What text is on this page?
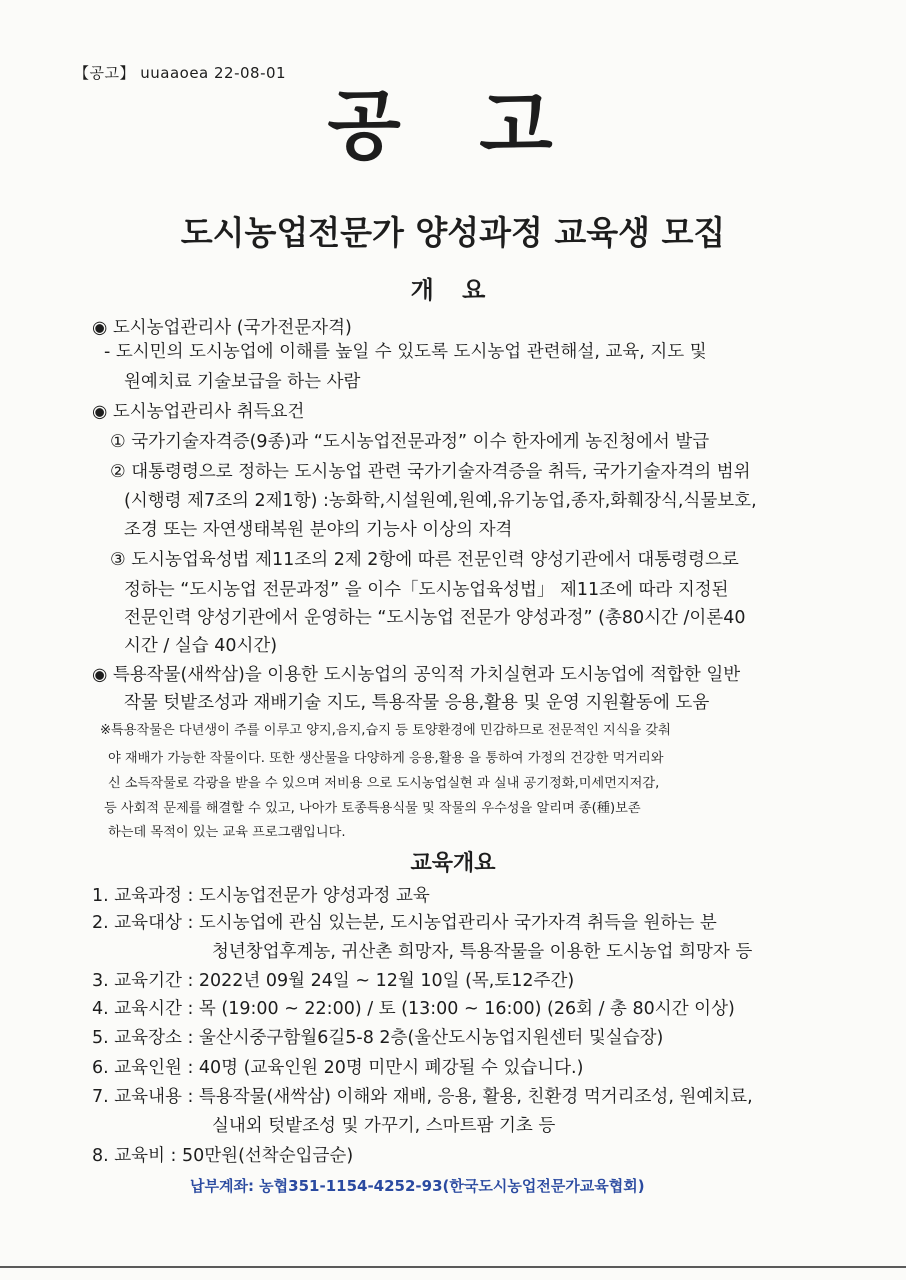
【공고】 uuaaoea 22-08-01
공 고
도시농업전문가 양성과정 교육생 모집
개 요
◉ 도시농업관리사 (국가전문자격)
- 도시민의 도시농업에 이해를 높일 수 있도록 도시농업 관련해설, 교육, 지도 및
원예치료 기술보급을 하는 사람
◉ 도시농업관리사 취득요건
① 국가기술자격증(9종)과 “도시농업전문과정” 이수 한자에게 농진청에서 발급
② 대통령령으로 정하는 도시농업 관련 국가기술자격증을 취득, 국가기술자격의 범위
(시행령 제7조의 2제1항) :농화학,시설원예,원예,유기농업,종자,화훼장식,식물보호,
조경 또는 자연생태복원 분야의 기능사 이상의 자격
③ 도시농업육성법 제11조의 2제 2항에 따른 전문인력 양성기관에서 대통령령으로
정하는 “도시농업 전문과정” 을 이수「도시농업육성법」 제11조에 따라 지정된
전문인력 양성기관에서 운영하는 “도시농업 전문가 양성과정” (총80시간 /이론40
시간 / 실습 40시간)
◉ 특용작물(새싹삼)을 이용한 도시농업의 공익적 가치실현과 도시농업에 적합한 일반
작물 텃밭조성과 재배기술 지도, 특용작물 응용,활용 및 운영 지원활동에 도움
※특용작물은 다년생이 주를 이루고 양지,음지,습지 등 토양환경에 민감하므로 전문적인 지식을 갖춰
야 재배가 가능한 작물이다. 또한 생산물을 다양하게 응용,활용 을 통하여 가정의 건강한 먹거리와
신 소득작물로 각광을 받을 수 있으며 저비용 으로 도시농업실현 과 실내 공기정화,미세먼지저감,
등 사회적 문제를 해결할 수 있고, 나아가 토종특용식물 및 작물의 우수성을 알리며 종(種)보존
하는데 목적이 있는 교육 프로그램입니다.
교육개요
1. 교육과정 : 도시농업전문가 양성과정 교육
2. 교육대상 : 도시농업에 관심 있는분, 도시농업관리사 국가자격 취득을 원하는 분
청년창업후계농, 귀산촌 희망자, 특용작물을 이용한 도시농업 희망자 등
3. 교육기간 : 2022년 09월 24일 ~ 12월 10일 (목,토12주간)
4. 교육시간 : 목 (19:00 ~ 22:00) / 토 (13:00 ~ 16:00) (26회 / 총 80시간 이상)
5. 교육장소 : 울산시중구함월6길5-8 2층(울산도시농업지원센터 및실습장)
6. 교육인원 : 40명 (교육인원 20명 미만시 폐강될 수 있습니다.)
7. 교육내용 : 특용작물(새싹삼) 이해와 재배, 응용, 활용, 친환경 먹거리조성, 원예치료,
실내외 텃밭조성 및 가꾸기, 스마트팜 기초 등
8. 교육비 : 50만원(선착순입금순)
납부계좌: 농협351-1154-4252-93(한국도시농업전문가교육협회)
